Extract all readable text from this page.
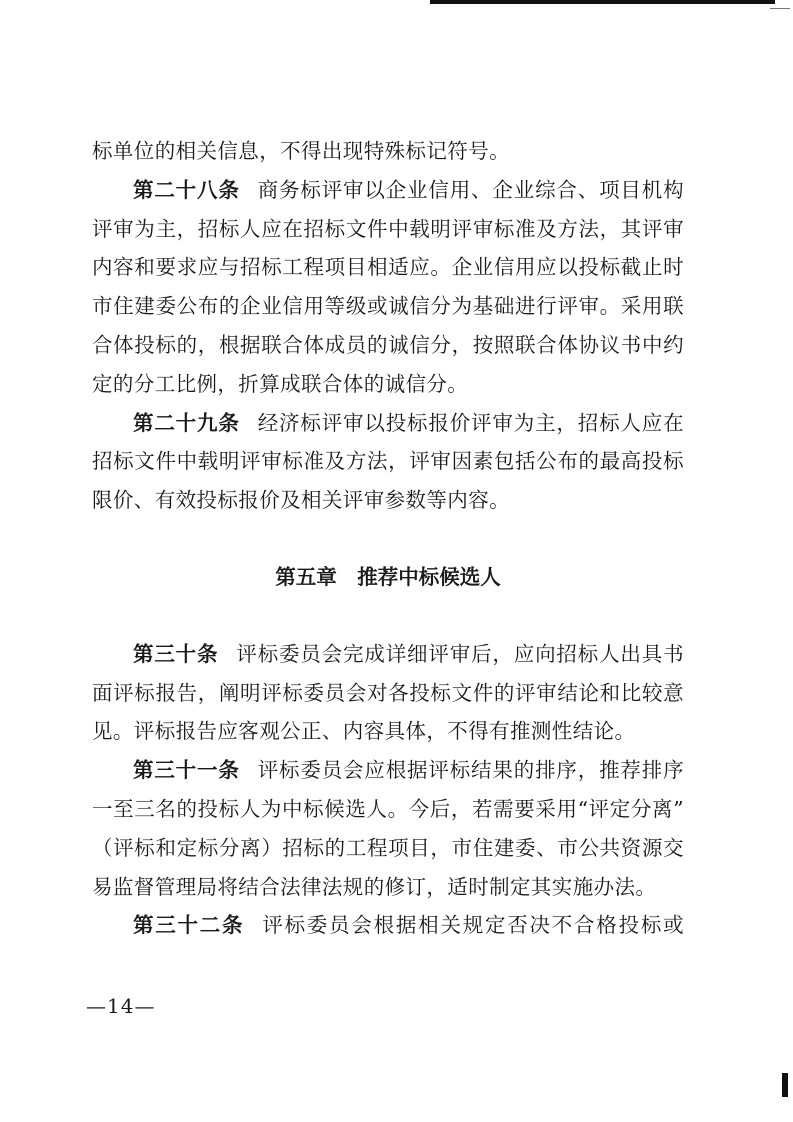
标单位的相关信息，不得出现特殊标记符号。
第二十八条 商务标评审以企业信用、企业综合、项目机构
评审为主，招标人应在招标文件中载明评审标准及方法，其评审
内容和要求应与招标工程项目相适应。企业信用应以投标截止时
市住建委公布的企业信用等级或诚信分为基础进行评审。采用联
合体投标的，根据联合体成员的诚信分，按照联合体协议书中约
定的分工比例，折算成联合体的诚信分。
第二十九条 经济标评审以投标报价评审为主，招标人应在
招标文件中载明评审标准及方法，评审因素包括公布的最高投标
限价、有效投标报价及相关评审参数等内容。
第五章　推荐中标候选人
第三十条 评标委员会完成详细评审后，应向招标人出具书
面评标报告，阐明评标委员会对各投标文件的评审结论和比较意
见。评标报告应客观公正、内容具体，不得有推测性结论。
第三十一条 评标委员会应根据评标结果的排序，推荐排序
一至三名的投标人为中标候选人。今后，若需要采用“评定分离”
（评标和定标分离）招标的工程项目，市住建委、市公共资源交
易监督管理局将结合法律法规的修订，适时制定其实施办法。
第三十二条 评标委员会根据相关规定否决不合格投标或
—14—
